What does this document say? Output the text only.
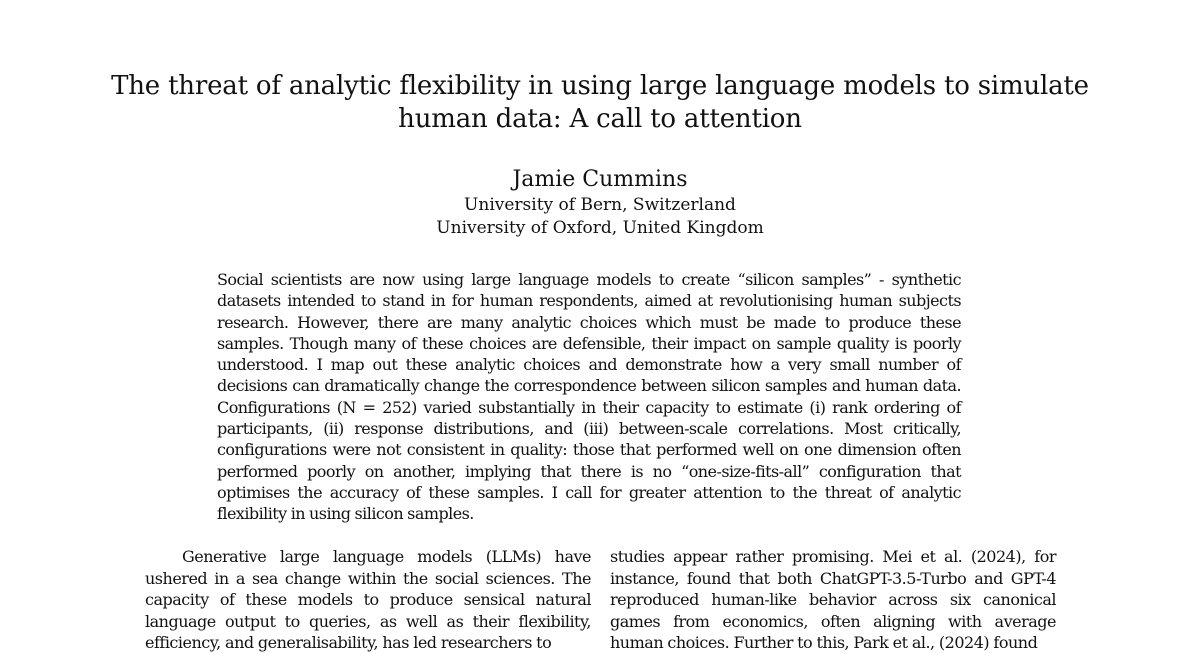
The threat of analytic flexibility in using large language models to simulate human data: A call to attention
Jamie Cummins
University of Bern, Switzerland
University of Oxford, United Kingdom
Social scientists are now using large language models to create “silicon samples” - synthetic datasets intended to stand in for human respondents, aimed at revolutionising human subjects research. However, there are many analytic choices which must be made to produce these samples. Though many of these choices are defensible, their impact on sample quality is poorly understood. I map out these analytic choices and demonstrate how a very small number of decisions can dramatically change the correspondence between silicon samples and human data. Configurations (N = 252) varied substantially in their capacity to estimate (i) rank ordering of participants, (ii) response distributions, and (iii) between-scale correlations. Most critically, configurations were not consistent in quality: those that performed well on one dimension often performed poorly on another, implying that there is no “one-size-fits-all” configuration that optimises the accuracy of these samples. I call for greater attention to the threat of analytic flexibility in using silicon samples.
Generative large language models (LLMs) have ushered in a sea change within the social sciences. The capacity of these models to produce sensical natural language output to queries, as well as their flexibility, efficiency, and generalisability, has led researchers to
studies appear rather promising. Mei et al. (2024), for instance, found that both ChatGPT-3.5-Turbo and GPT-4 reproduced human-like behavior across six canonical games from economics, often aligning with average human choices. Further to this, Park et al., (2024) found
